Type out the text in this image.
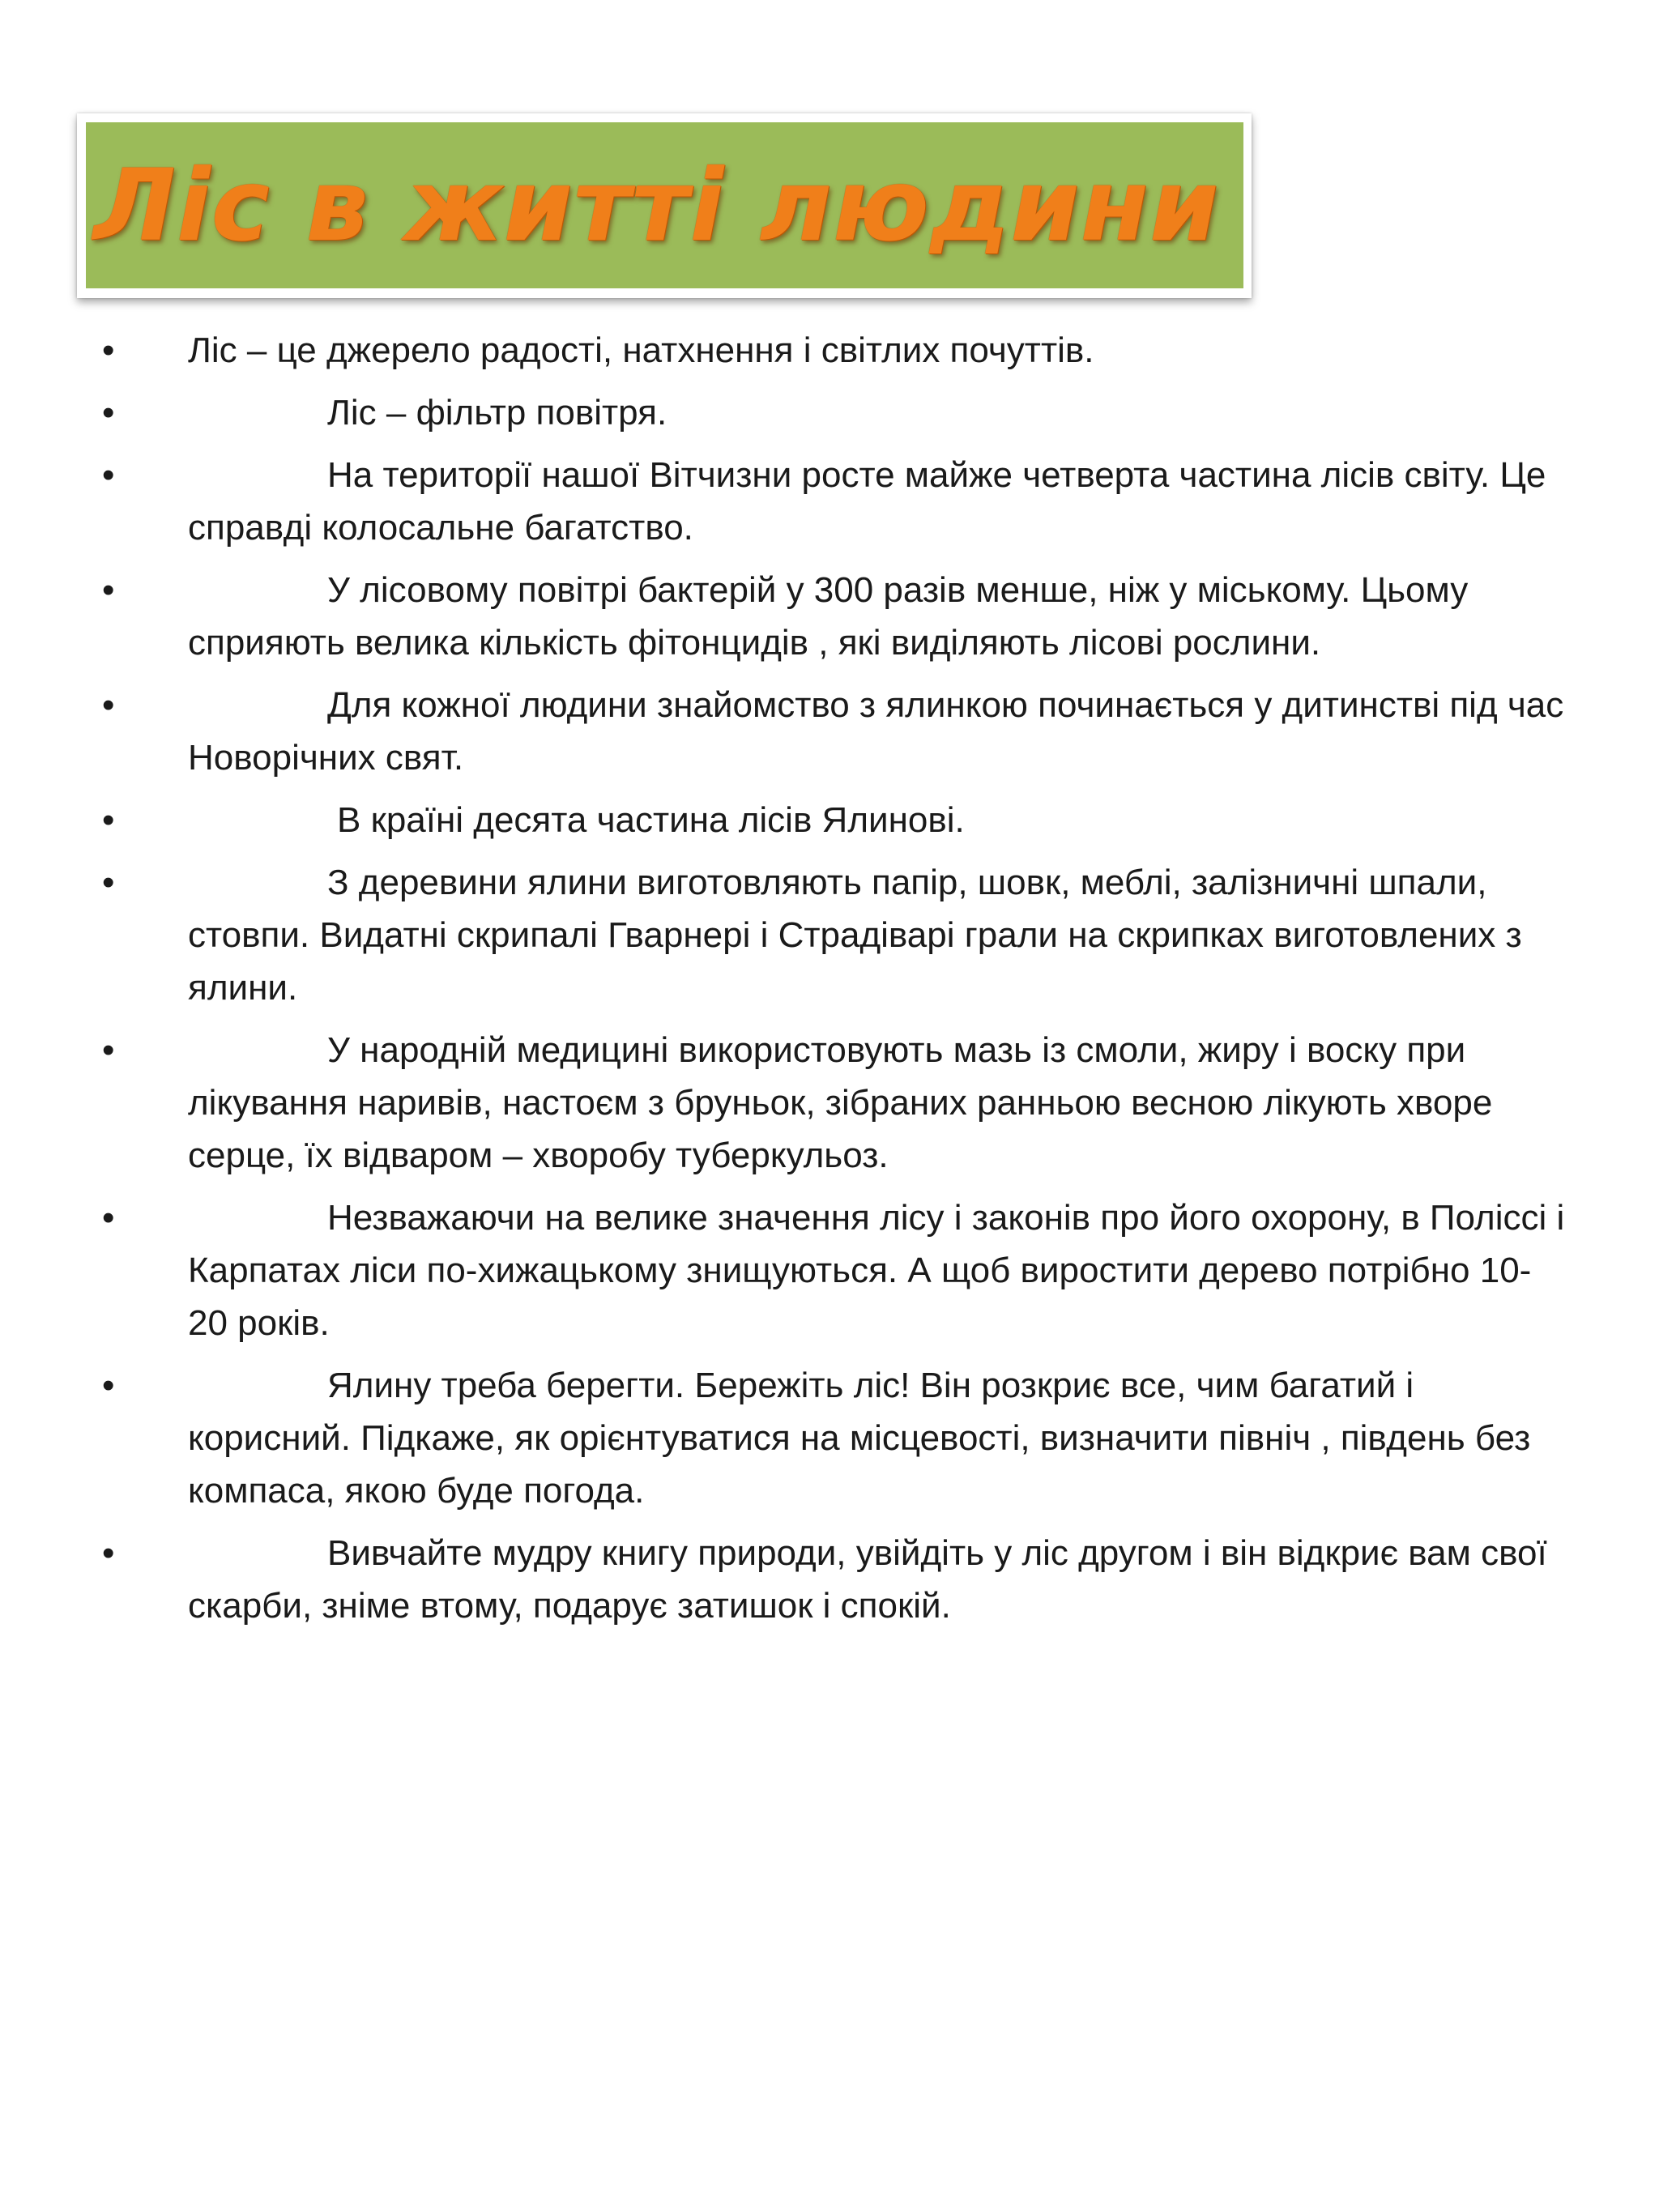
Ліс в житті людини
• Ліс – це джерело радості, натхнення і світлих почуттів.
•	Ліс – фільтр повітря.
•	На території нашої Вітчизни росте майже четверта частина лісів світу. Це справді колосальне багатство.
•	У лісовому повітрі бактерій у 300 разів менше, ніж у міському. Цьому сприяють велика кількість фітонцидів , які виділяють лісові рослини.
•	Для кожної людини знайомство з ялинкою починається у дитинстві під час Новорічних свят.
•	В країні десята частина лісів Ялинові.
•	З деревини ялини виготовляють папір, шовк, меблі, залізничні шпали, стовпи. Видатні скрипалі Гварнері і Страдіварі грали на скрипках виготовлених з ялини.
•	У народній медицині використовують мазь із смоли, жиру і воску при лікування наривів, настоєм з бруньок, зібраних ранньою весною лікують хворе серце, їх відваром – хворобу туберкульоз.
•	Незважаючи на велике значення лісу і законів про його охорону, в Поліссі і Карпатах ліси по-хижацькому знищуються. А щоб виростити дерево потрібно 10-20 років.
•	Ялину треба берегти. Бережіть ліс! Він розкриє все, чим багатий і корисний. Підкаже, як орієнтуватися на місцевості, визначити північ , південь без компаса, якою буде погода.
•	Вивчайте мудру книгу природи, увійдіть у ліс другом і він відкриє вам свої скарби, зніме втому, подарує затишок і спокій.
